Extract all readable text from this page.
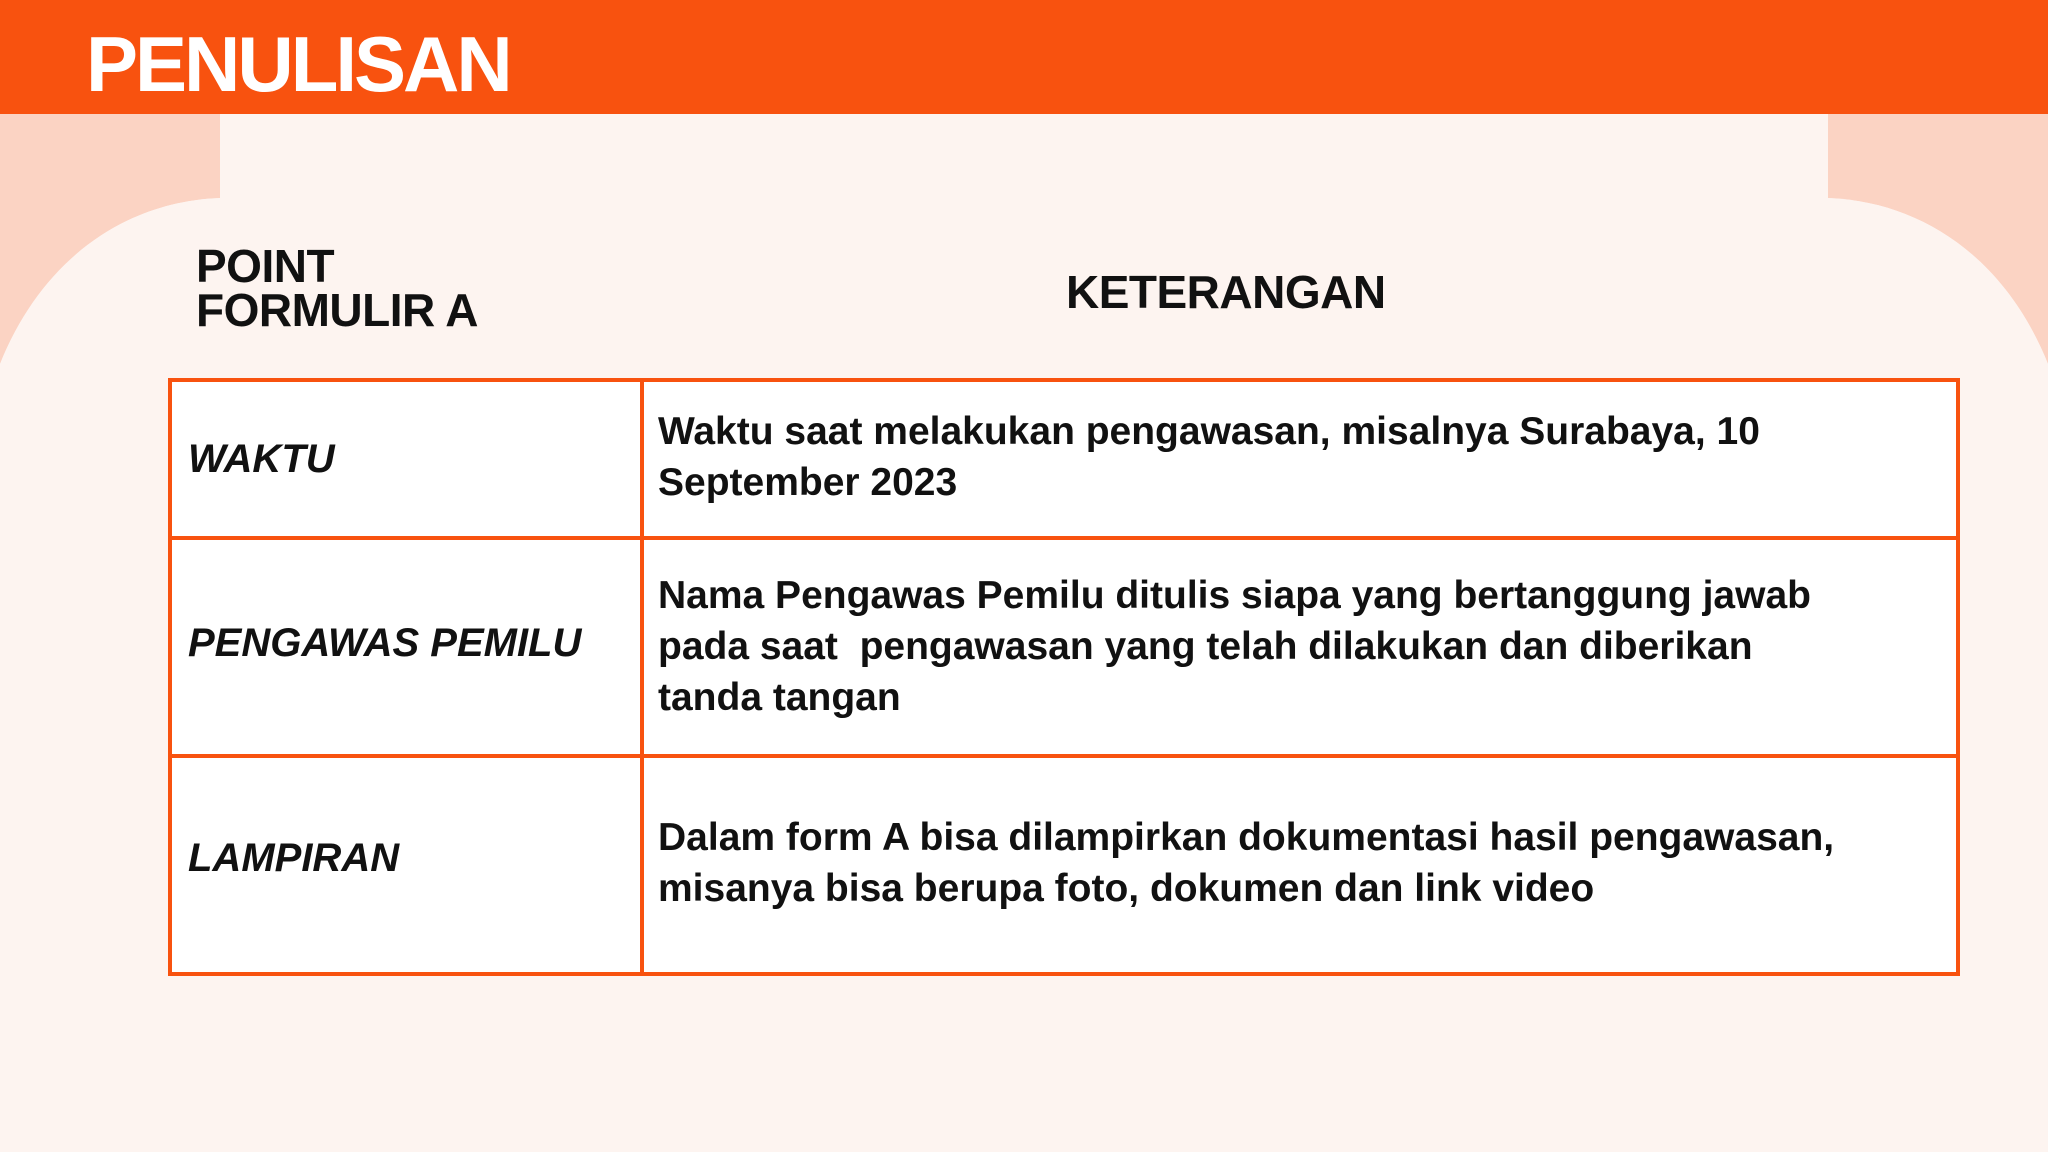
PENULISAN
POINT
FORMULIR A	KETERANGAN
WAKTU
Waktu saat melakukan pengawasan, misalnya Surabaya, 10
September 2023
PENGAWAS PEMILU
Nama Pengawas Pemilu ditulis siapa yang bertanggung jawab
pada saat  pengawasan yang telah dilakukan dan diberikan
tanda tangan
LAMPIRAN	Dalam form A bisa dilampirkan dokumentasi hasil pengawasan,
misanya bisa berupa foto, dokumen dan link video
